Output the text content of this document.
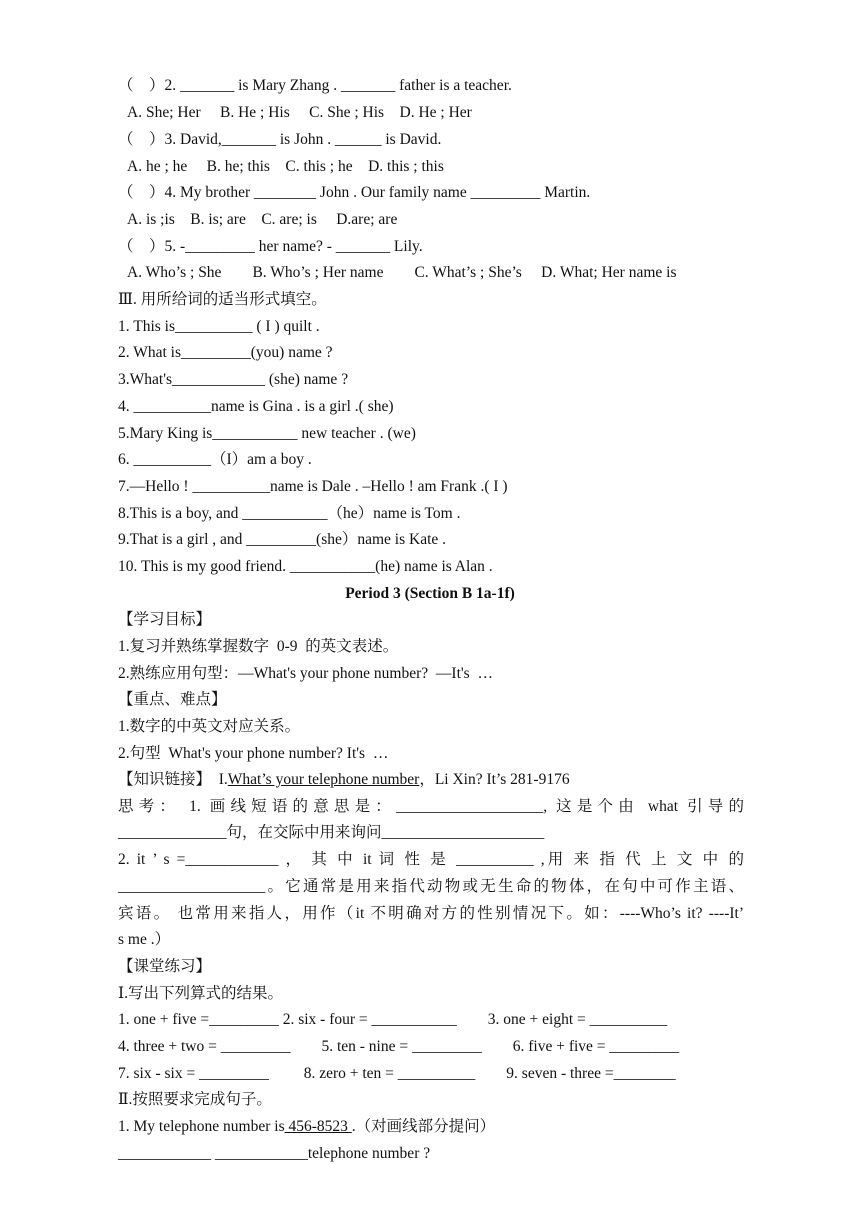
（　）2. _______ is Mary Zhang . _______ father is a teacher.
A. She; Her　 B. He ; His　 C. She ; His　D. He ; Her
（　）3. David,_______ is John . ______ is David.
A. he ; he　 B. he; this　C. this ; he　D. this ; this
（　）4. My brother ________ John . Our family name _________ Martin.
A. is ;is　B. is; are　C. are; is　 D.are; are
（　）5. -_________ her name? - _______ Lily.
A. Who’s ; She　　B. Who’s ; Her name　　C. What’s ; She’s　 D. What; Her name is
Ⅲ. 用所给词的适当形式填空。
1. This is__________ ( I ) quilt .
2. What is_________(you) name ?
3.What's____________ (she) name ?
4. __________name is Gina . is a girl .( she)
5.Mary King is___________ new teacher . (we)
6. __________（I）am a boy .
7.—Hello ! __________name is Dale . –Hello ! am Frank .( I )
8.This is a boy, and ___________（he）name is Tom .
9.That is a girl , and _________(she）name is Kate .
10. This is my good friend. ___________(he) name is Alan .
Period 3 (Section B 1a-1f)
【学习目标】
1.复习并熟练掌握数字  0-9  的英文表述。
2.熟练应用句型：—What's your phone number?  —It's  …
【重点、难点】
1.数字的中英文对应关系。
2.句型  What's your phone number? It's  …
【知识链接】  I.What’s your telephone number，Li Xin? It’s 281-9176
思考： 1. 画线短语的意思是：___________________, 这是个由 what 引导的
______________句，在交际中用来询问_____________________
2. it ’ s =____________ ， 其 中 it 词 性 是 __________ ,用 来 指 代 上 文 中 的
___________________。它通常是用来指代动物或无生命的物体，在句中可作主语、
宾语。 也常用来指人，用作（it 不明确对方的性别情况下。如：----Who’s it? ----It’
s me .）
【课堂练习】
Ⅰ.写出下列算式的结果。
1. one + five =_________ 2. six - four = ___________　　3. one + eight = __________
4. three + two = _________　　5. ten - nine = _________　　6. five + five = _________
7. six - six = _________　　 8. zero + ten = __________　　9. seven - three =________
Ⅱ.按照要求完成句子。
1. My telephone number is 456-8523 .（对画线部分提问）
____________ ____________telephone number ?
